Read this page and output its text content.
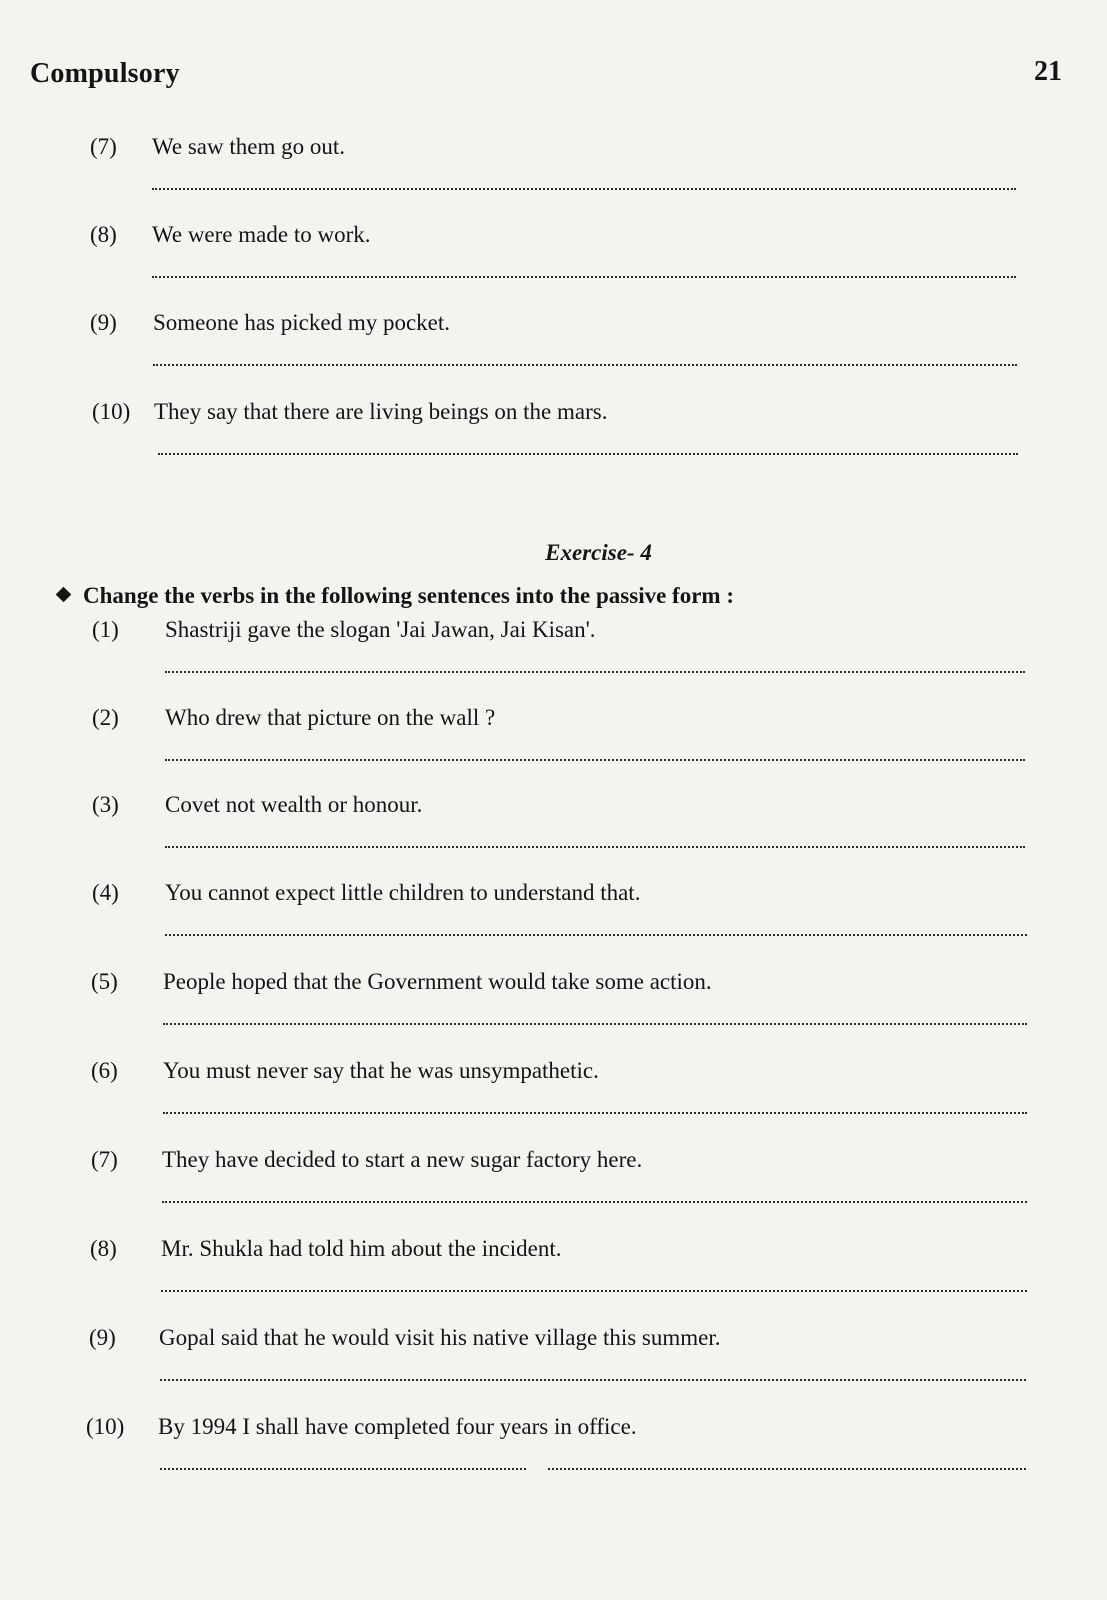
Compulsory	21
(7) We saw them go out.
(8) We were made to work.
(9) Someone has picked my pocket.
(10) They say that there are living beings on the mars.
Exercise- 4
Change the verbs in the following sentences into the passive form :
(1) Shastriji gave the slogan 'Jai Jawan, Jai Kisan'.
(2) Who drew that picture on the wall ?
(3) Covet not wealth or honour.
(4) You cannot expect little children to understand that.
(5) People hoped that the Government would take some action.
(6) You must never say that he was unsympathetic.
(7) They have decided to start a new sugar factory here.
(8) Mr. Shukla had told him about the incident.
(9) Gopal said that he would visit his native village this summer.
(10) By 1994 I shall have completed four years in office.
